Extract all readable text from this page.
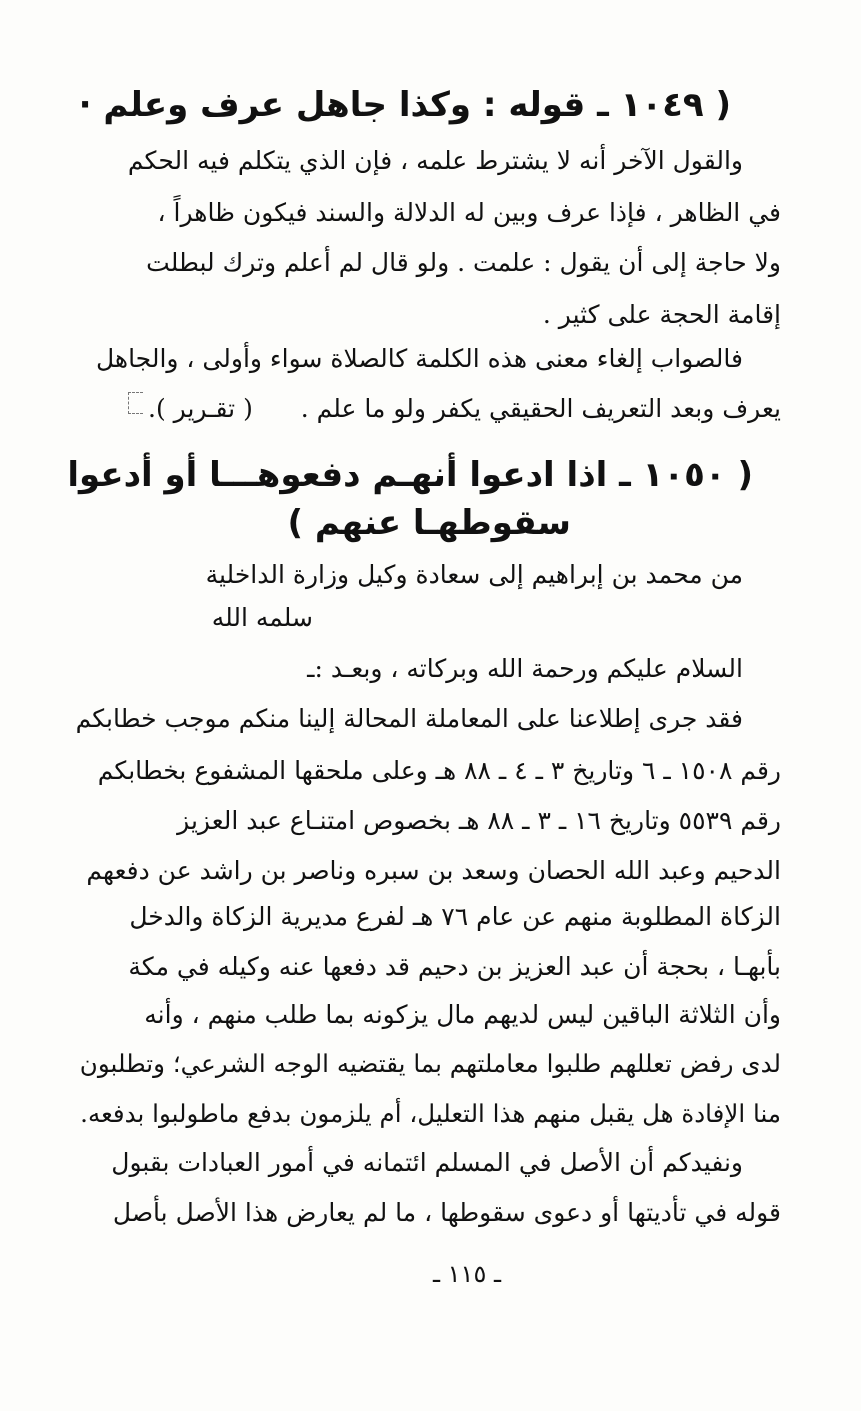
( ١٠٤٩ ـ قوله : وكذا جاهل عرف وعلم ·
والقول الآخر أنه لا يشترط علمه ، فإن الذي يتكلم فيه الحكم
في الظاهر ، فإذا عرف وبين له الدلالة والسند فيكون ظاهراً ،
ولا حاجة إلى أن يقول : علمت . ولو قال لم أعلم وترك لبطلت
إقامة الحجة على كثير .
فالصواب إلغاء معنى هذه الكلمة كالصلاة سواء وأولى ، والجاهل
يعرف وبعد التعريف الحقيقي يكفر ولو ما علم .
( تقـرير ).
( ١٠٥٠ ـ اذا ادعوا أنهـم دفعوهـــا أو أدعوا
سقوطهـا عنهم )
من محمد بن إبراهيم إلى سعادة وكيل وزارة الداخلية
سلمه الله
السلام عليكم ورحمة الله وبركاته ، وبعـد :ـ
فقد جرى إطلاعنا على المعاملة المحالة إلينا منكم موجب خطابكم
رقم ١٥٠٨ ـ ٦ وتاريخ ٣ ـ ٤ ـ ٨٨ هـ وعلى ملحقها المشفوع بخطابكم
رقم ٥٥٣٩ وتاريخ ١٦ ـ ٣ ـ ٨٨ هـ بخصوص امتنـاع عبد العزيز
الدحيم وعبد الله الحصان وسعد بن سبره وناصر بن راشد عن دفعهم
الزكاة المطلوبة منهم عن عام ٧٦ هـ لفرع مديرية الزكاة والدخل
بأبهـا ، بحجة أن عبد العزيز بن دحيم قد دفعها عنه وكيله في مكة
وأن الثلاثة الباقين ليس لديهم مال يزكونه بما طلب منهم ، وأنه
لدى رفض تعللهم طلبوا معاملتهم بما يقتضيه الوجه الشرعي؛ وتطلبون
منا الإفادة هل يقبل منهم هذا التعليل، أم يلزمون بدفع ماطولبوا بدفعه.
ونفيدكم أن الأصل في المسلم ائتمانه في أمور العبادات بقبول
قوله في تأديتها أو دعوى سقوطها ، ما لم يعارض هذا الأصل بأصل
ـ ١١٥ ـ
